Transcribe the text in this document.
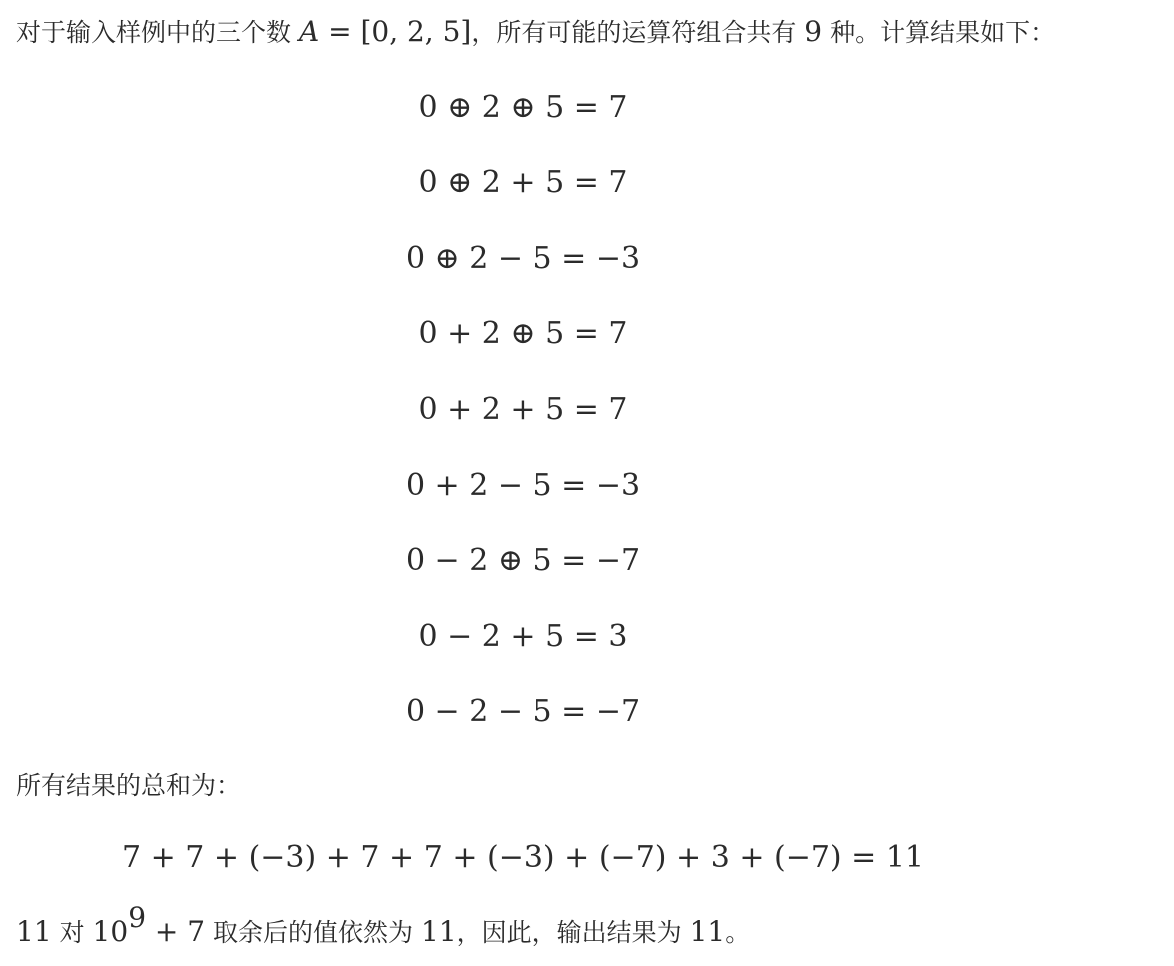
对于输入样例中的三个数 A = [0, 2, 5]，所有可能的运算符组合共有 9 种。计算结果如下：
0 ⊕ 2 ⊕ 5 = 7
0 ⊕ 2 + 5 = 7
0 ⊕ 2 − 5 = −3
0 + 2 ⊕ 5 = 7
0 + 2 + 5 = 7
0 + 2 − 5 = −3
0 − 2 ⊕ 5 = −7
0 − 2 + 5 = 3
0 − 2 − 5 = −7
所有结果的总和为：
7 + 7 + (−3) + 7 + 7 + (−3) + (−7) + 3 + (−7) = 11
11 对 $10^9 + 7$ 取余后的值依然为 11，因此，输出结果为 11。
